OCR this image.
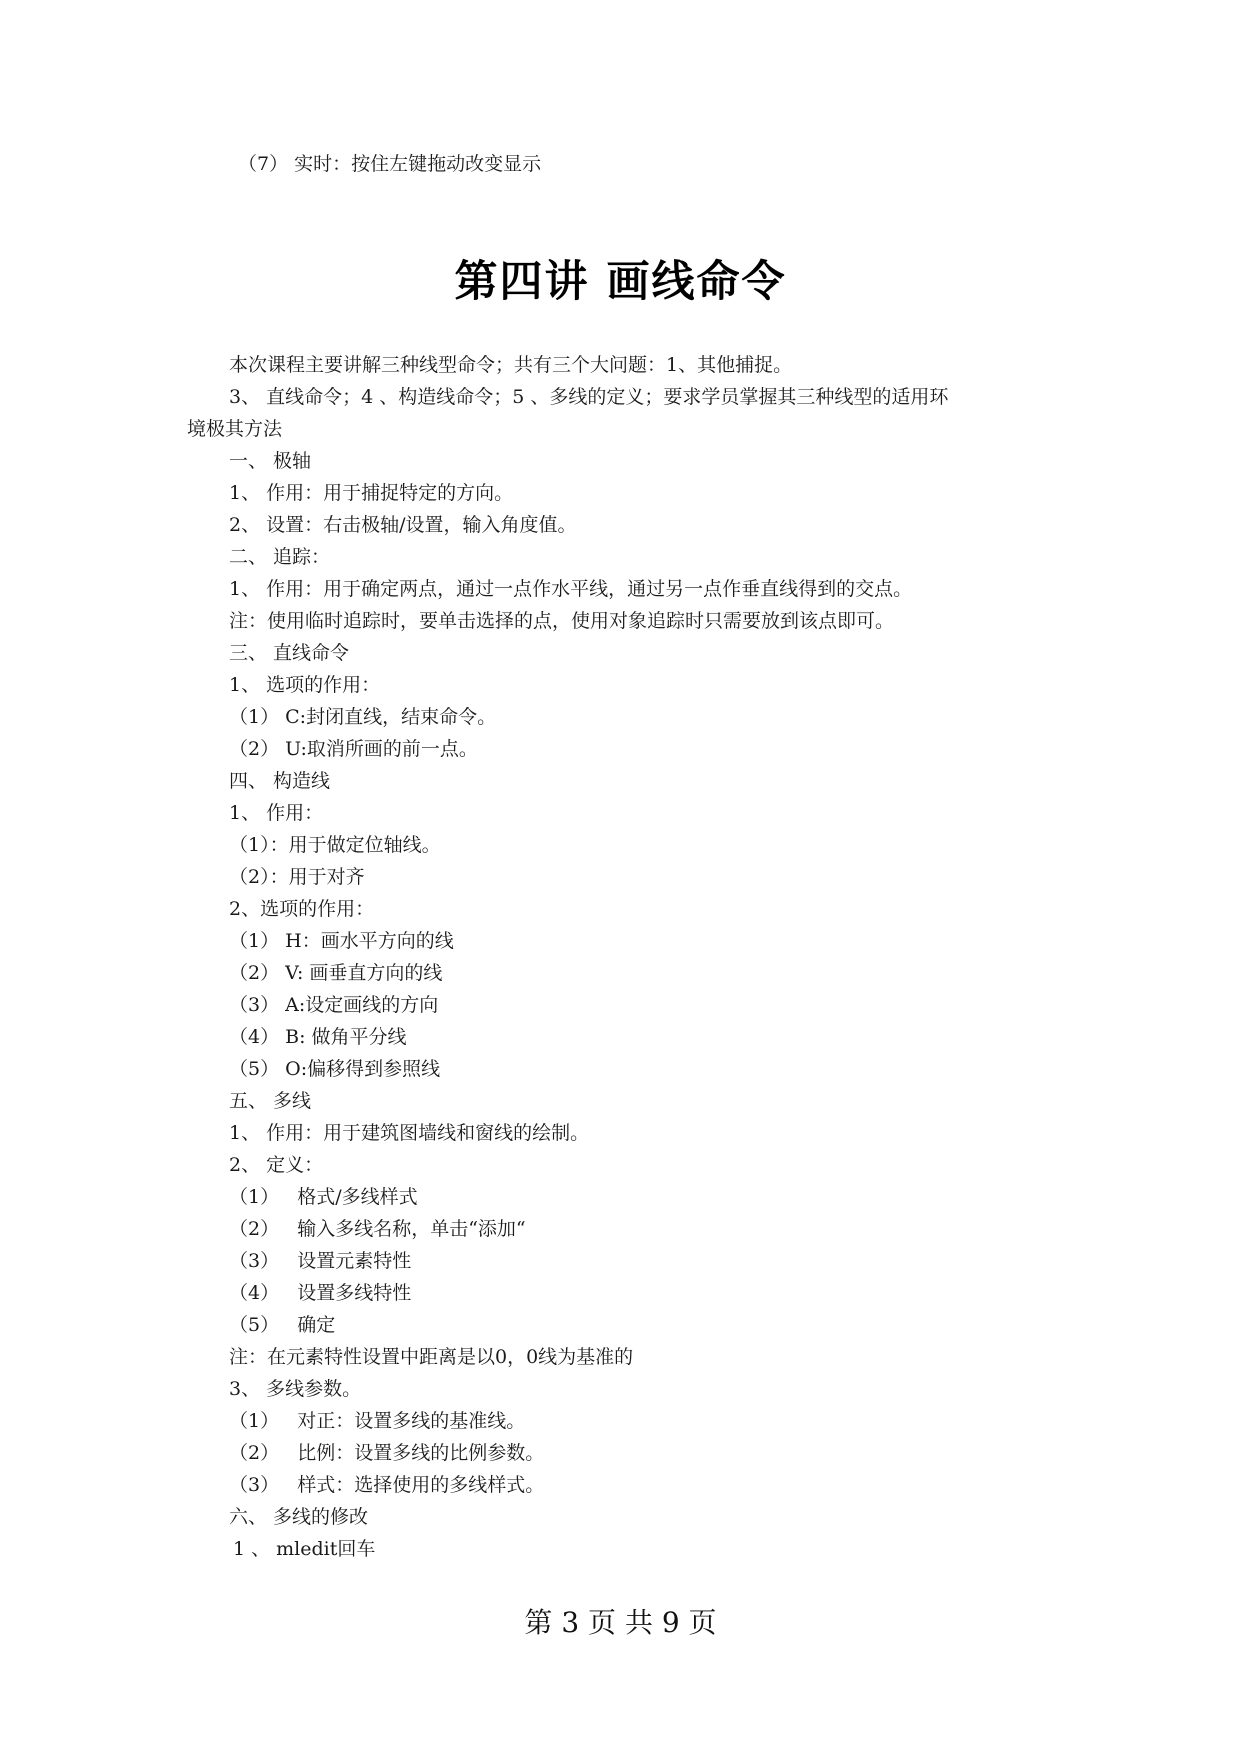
（7） 实时：按住左键拖动改变显示
第四讲 画线命令
本次课程主要讲解三种线型命令；共有三个大问题：1、其他捕捉。
3、 直线命令；4 、构造线命令；5 、多线的定义；要求学员掌握其三种线型的适用环
境极其方法
一、 极轴
1、 作用：用于捕捉特定的方向。
2、 设置：右击极轴/设置，输入角度值。
二、 追踪：
1、 作用：用于确定两点，通过一点作水平线，通过另一点作垂直线得到的交点。
注：使用临时追踪时，要单击选择的点，使用对象追踪时只需要放到该点即可。
三、 直线命令
1、 选项的作用：
（1） C:封闭直线，结束命令。
（2） U:取消所画的前一点。
四、 构造线
1、 作用：
（1）：用于做定位轴线。
（2）：用于对齐
2、选项的作用：
（1） H：画水平方向的线
（2） V: 画垂直方向的线
（3） A:设定画线的方向
（4） B: 做角平分线
（5） O:偏移得到参照线
五、 多线
1、 作用：用于建筑图墙线和窗线的绘制。
2、 定义：
（1）   格式/多线样式
（2）   输入多线名称，单击“添加“
（3）   设置元素特性
（4）   设置多线特性
（5）   确定
注：在元素特性设置中距离是以0，0线为基准的
3、 多线参数。
（1）   对正：设置多线的基准线。
（2）   比例：设置多线的比例参数。
（3）   样式：选择使用的多线样式。
六、 多线的修改
1 、 mledit回车
第 3 页 共 9 页
